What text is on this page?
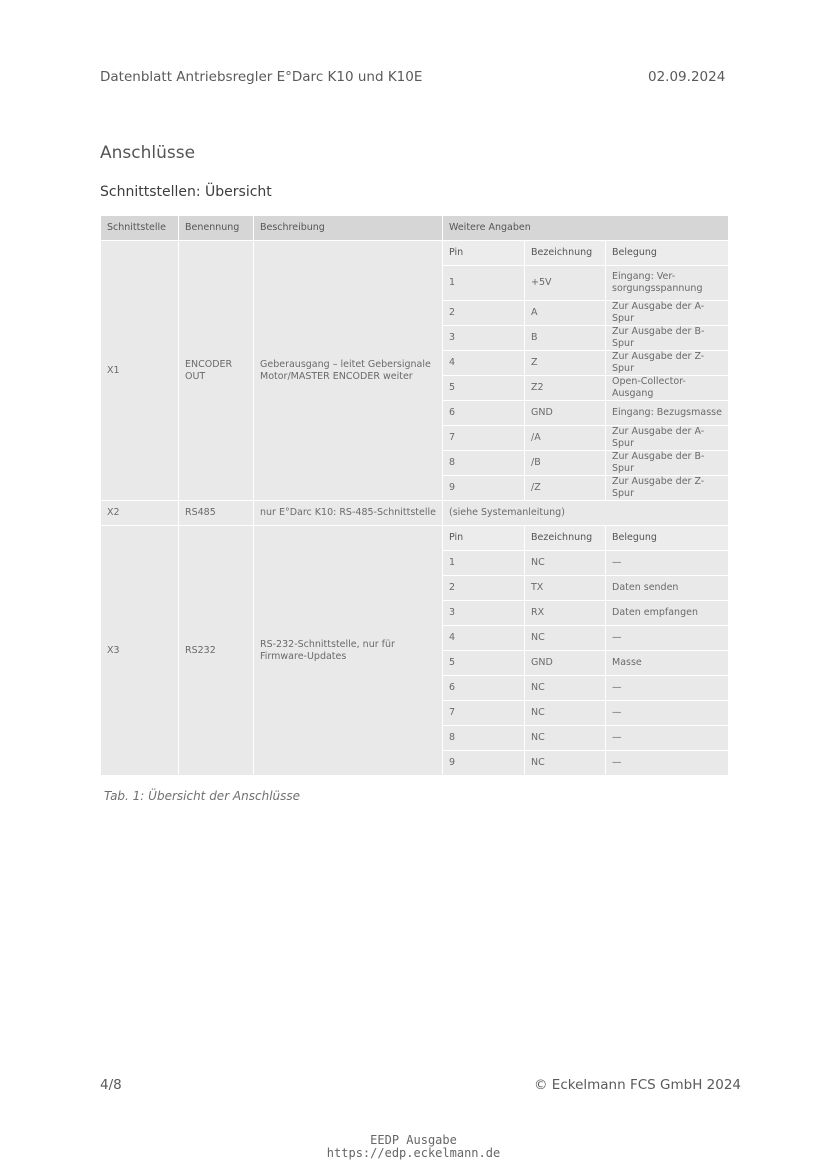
Datenblatt Antriebsregler E°Darc K10 und K10E	02.09.2024
Anschlüsse
Schnittstellen: Übersicht
Schnittstelle	Benennung	Beschreibung	Weitere Angaben		
X1	ENCODER OUT	Geberausgang – leitet Gebersignale Motor/MASTER ENCODER weiter	Pin	Bezeichnung	Belegung
			1	+5V	Eingang: Ver-sorgungsspannung
			2	A	Zur Ausgabe der A-Spur
			3	B	Zur Ausgabe der B-Spur
			4	Z	Zur Ausgabe der Z-Spur
			5	Z2	Open-Collector-Ausgang
			6	GND	Eingang: Bezugsmasse
			7	/A	Zur Ausgabe der A-Spur
			8	/B	Zur Ausgabe der B-Spur
			9	/Z	Zur Ausgabe der Z-Spur
X2	RS485	nur E°Darc K10: RS-485-Schnittstelle	(siehe Systemanleitung)		
X3	RS232	RS-232-Schnittstelle, nur für Firmware-Updates	Pin	Bezeichnung	Belegung
			1	NC	—
			2	TX	Daten senden
			3	RX	Daten empfangen
			4	NC	—
			5	GND	Masse
			6	NC	—
			7	NC	—
			8	NC	—
			9	NC	—
Tab. 1: Übersicht der Anschlüsse
4/8	© Eckelmann FCS GmbH 2024
EEDP Ausgabe
https://edp.eckelmann.de
